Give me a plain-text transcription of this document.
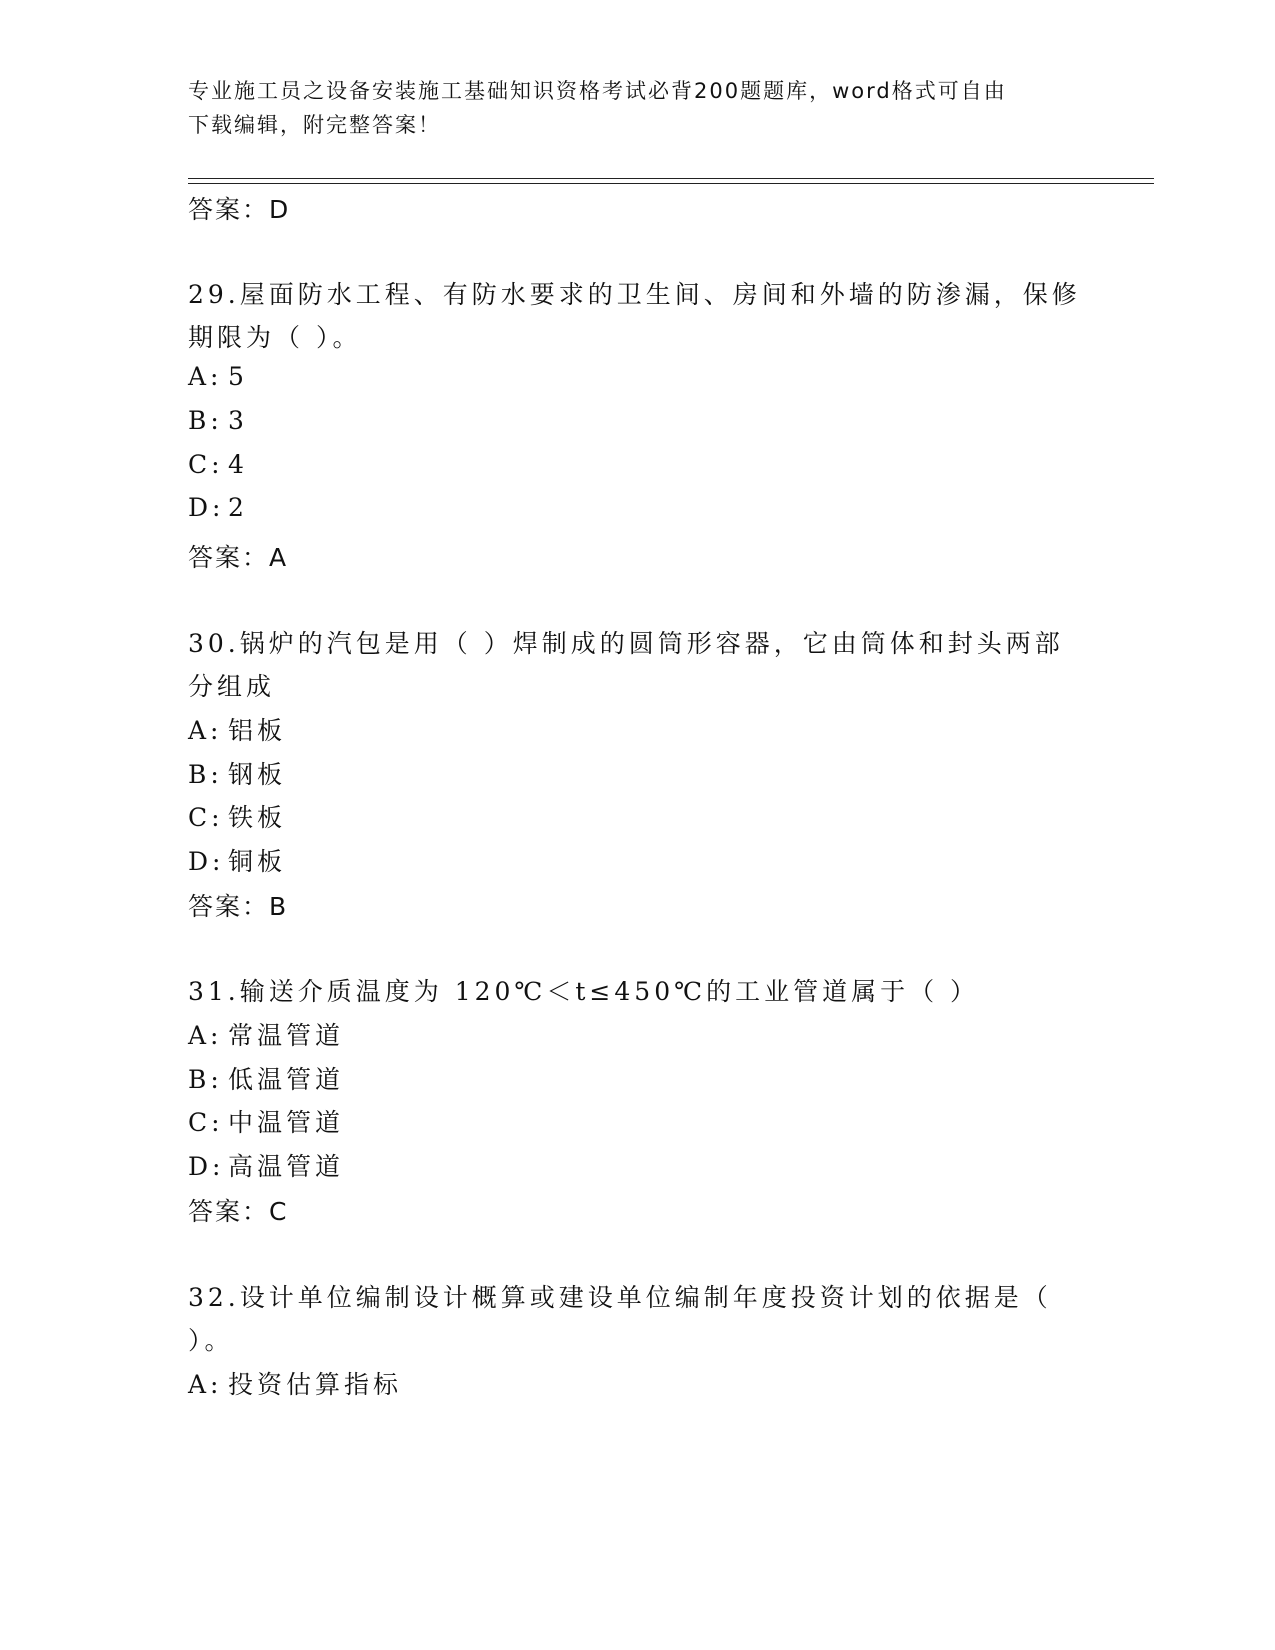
专业施工员之设备安装施工基础知识资格考试必背200题题库，word格式可自由
下载编辑，附完整答案！
答案：D
29.屋面防水工程、有防水要求的卫生间、房间和外墙的防渗漏，保修
期限为（ ）。
A: 5
B: 3
C: 4
D: 2
答案：A
30.锅炉的汽包是用（ ）焊制成的圆筒形容器，它由筒体和封头两部
分组成
A: 铝板
B: 钢板
C: 铁板
D: 铜板
答案：B
31.输送介质温度为 120℃＜t≤450℃的工业管道属于（ ）
A: 常温管道
B: 低温管道
C: 中温管道
D: 高温管道
答案：C
32.设计单位编制设计概算或建设单位编制年度投资计划的依据是（
）。
A: 投资估算指标
